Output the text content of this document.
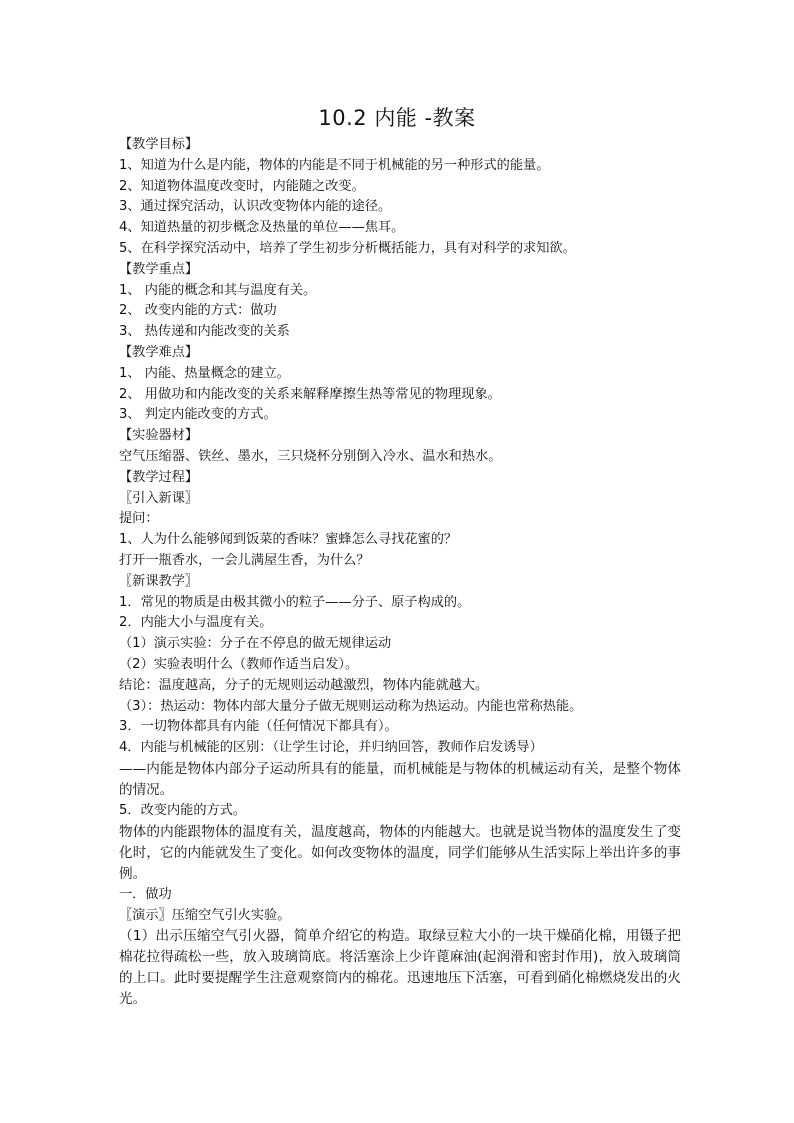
10.2 内能 -教案
【教学目标】
1、知道为什么是内能，物体的内能是不同于机械能的另一种形式的能量。
2、知道物体温度改变时，内能随之改变。
3、通过探究活动，认识改变物体内能的途径。
4、知道热量的初步概念及热量的单位——焦耳。
5、在科学探究活动中，培养了学生初步分析概括能力，具有对科学的求知欲。
【教学重点】
1、 内能的概念和其与温度有关。
2、 改变内能的方式：做功
3、 热传递和内能改变的关系
【教学难点】
1、 内能、热量概念的建立。
2、 用做功和内能改变的关系来解释摩擦生热等常见的物理现象。
3、 判定内能改变的方式。
【实验器材】
空气压缩器、铁丝、墨水，三只烧杯分别倒入冷水、温水和热水。
【教学过程】
〖引入新课〗
提问：
1、人为什么能够闻到饭菜的香味？蜜蜂怎么寻找花蜜的？
打开一瓶香水，一会儿满屋生香，为什么？
〖新课教学〗
1．常见的物质是由极其微小的粒子——分子、原子构成的。
2．内能大小与温度有关。
（1）演示实验：分子在不停息的做无规律运动
（2）实验表明什么（教师作适当启发）。
结论：温度越高，分子的无规则运动越激烈，物体内能就越大。
（3）：热运动：物体内部大量分子做无规则运动称为热运动。内能也常称热能。
3．一切物体都具有内能（任何情况下都具有）。
4．内能与机械能的区别：（让学生讨论，并归纳回答，教师作启发诱导）
——内能是物体内部分子运动所具有的能量，而机械能是与物体的机械运动有关，是整个物体的情况。
5．改变内能的方式。
物体的内能跟物体的温度有关，温度越高，物体的内能越大。也就是说当物体的温度发生了变化时，它的内能就发生了变化。如何改变物体的温度，同学们能够从生活实际上举出许多的事例。
一．做功
〖演示〗压缩空气引火实验。
（1）出示压缩空气引火器，简单介绍它的构造。取绿豆粒大小的一块干燥硝化棉，用镊子把棉花拉得疏松一些，放入玻璃筒底。将活塞涂上少许蓖麻油(起润滑和密封作用)，放入玻璃筒的上口。此时要提醒学生注意观察筒内的棉花。迅速地压下活塞，可看到硝化棉燃烧发出的火光。
